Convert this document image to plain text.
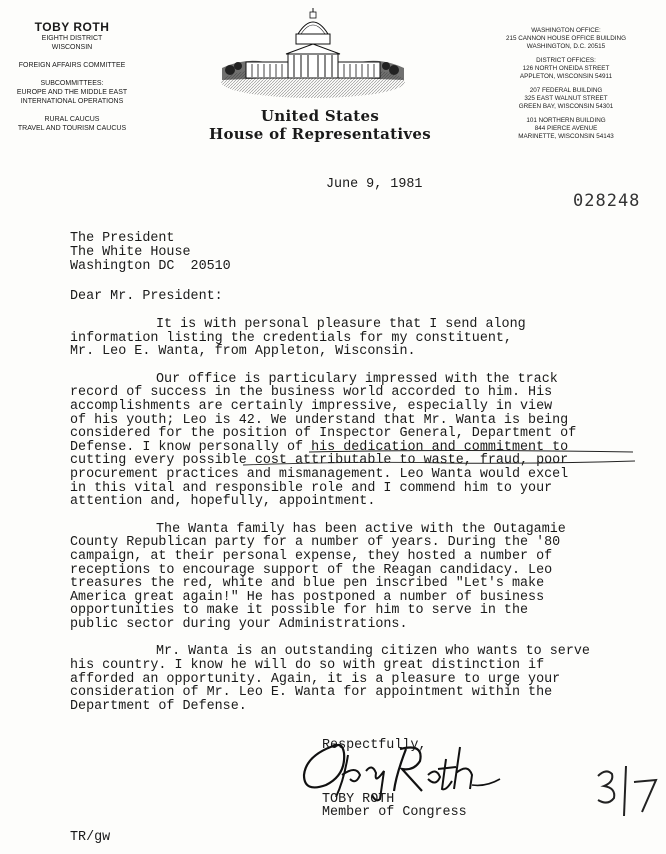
TOBY ROTH
EIGHTH DISTRICT
WISCONSIN
FOREIGN AFFAIRS COMMITTEE
SUBCOMMITTEES:
EUROPE AND THE MIDDLE EAST
INTERNATIONAL OPERATIONS
RURAL CAUCUS
TRAVEL AND TOURISM CAUCUS
United States
House of Representatives
WASHINGTON OFFICE:
215 CANNON HOUSE OFFICE BUILDING
WASHINGTON, D.C. 20515
DISTRICT OFFICES:
126 NORTH ONEIDA STREET
APPLETON, WISCONSIN 54911
207 FEDERAL BUILDING
325 EAST WALNUT STREET
GREEN BAY, WISCONSIN 54301
101 NORTHERN BUILDING
844 PIERCE AVENUE
MARINETTE, WISCONSIN 54143
June 9, 1981
028248
The President
The White House
Washington DC  20510
Dear Mr. President:

It is with personal pleasure that I send along
information listing the credentials for my constituent,
Mr. Leo E. Wanta, from Appleton, Wisconsin.

Our office is particulary impressed with the track
record of success in the business world accorded to him. His
accomplishments are certainly impressive, especially in view
of his youth; Leo is 42. We understand that Mr. Wanta is being
considered for the position of Inspector General, Department of
Defense. I know personally of his dedication and commitment to
cutting every possible cost attributable to waste, fraud, poor
procurement practices and mismanagement. Leo Wanta would excel
in this vital and responsible role and I commend him to your
attention and, hopefully, appointment.

The Wanta family has been active with the Outagamie
County Republican party for a number of years. During the '80
campaign, at their personal expense, they hosted a number of
receptions to encourage support of the Reagan candidacy. Leo
treasures the red, white and blue pen inscribed "Let's make
America great again!" He has postponed a number of business
opportunities to make it possible for him to serve in the
public sector during your Administrations.

Mr. Wanta is an outstanding citizen who wants to serve
his country. I know he will do so with great distinction if
afforded an opportunity. Again, it is a pleasure to urge your
consideration of Mr. Leo E. Wanta for appointment within the
Department of Defense.

Respectfully,
TOBY ROTH
Member of Congress
TR/gw
